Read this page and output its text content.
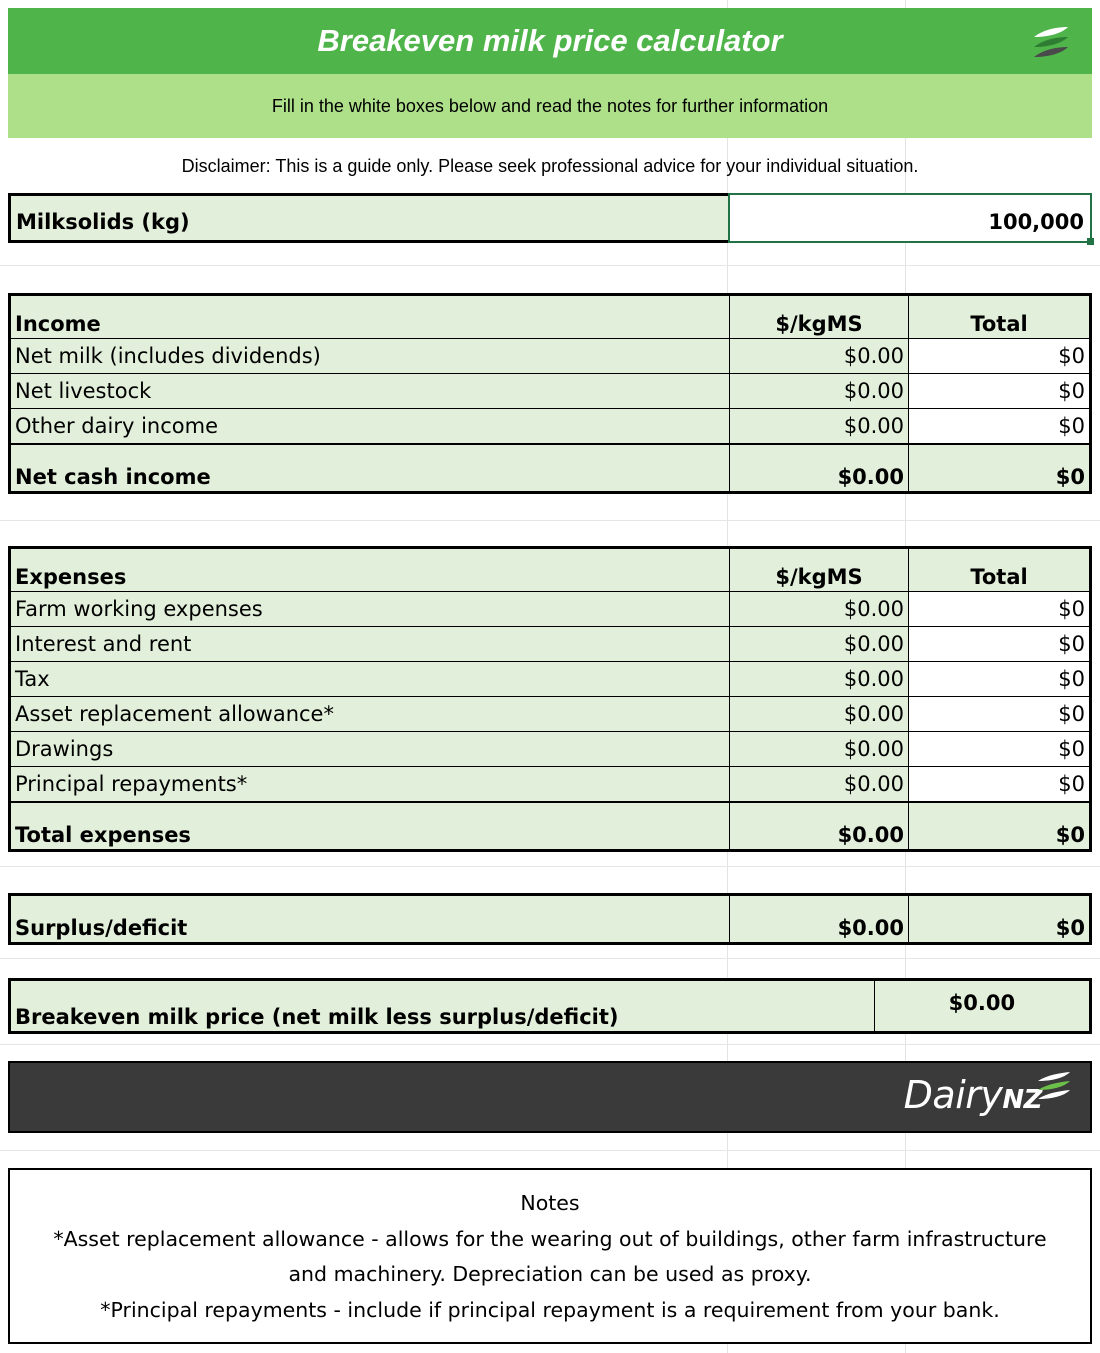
Breakeven milk price calculator
Fill in the white boxes below and read the notes for further information
Disclaimer: This is a guide only. Please seek professional advice for your individual situation.
Milksolids (kg)	100,000
Income	$/kgMS	Total
Net milk (includes dividends)	$0.00	$0
Net livestock	$0.00	$0
Other dairy income	$0.00	$0
Net cash income	$0.00	$0
Expenses	$/kgMS	Total
Farm working expenses	$0.00	$0
Interest and rent	$0.00	$0
Tax	$0.00	$0
Asset replacement allowance*	$0.00	$0
Drawings	$0.00	$0
Principal repayments*	$0.00	$0
Total expenses	$0.00	$0
Surplus/deficit	$0.00	$0
Breakeven milk price (net milk less surplus/deficit)	$0.00
DairyNZ
Notes
*Asset replacement allowance - allows for the wearing out of buildings, other farm infrastructure
and machinery. Depreciation can be used as proxy.
*Principal repayments - include if principal repayment is a requirement from your bank.
